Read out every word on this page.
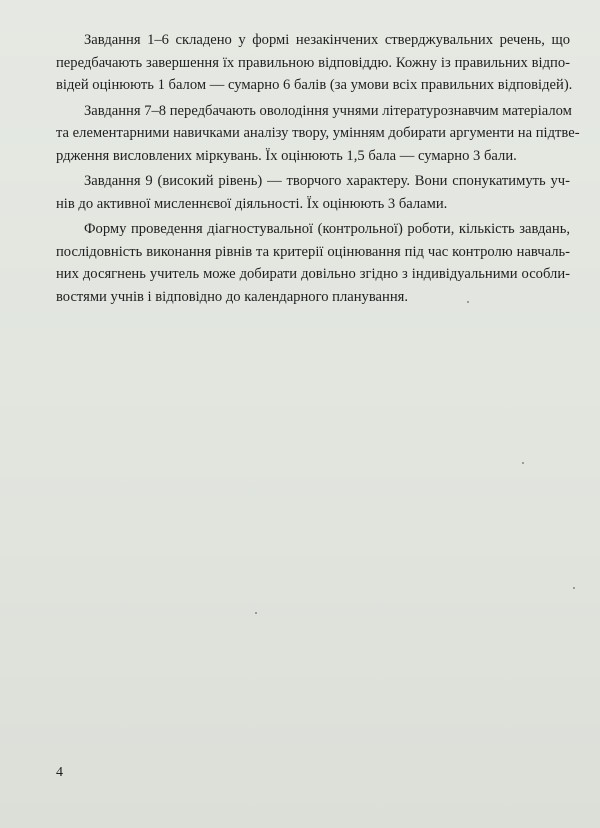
Завдання 1–6 складено у формі незакінчених стверджувальних речень, що
передбачають завершення їх правильною відповіддю. Кожну із правильних відпо-
відей оцінюють 1 балом — сумарно 6 балів (за умови всіх правильних відповідей).

Завдання 7–8 передбачають оволодіння учнями літературознавчим матеріалом
та елементарними навичками аналізу твору, умінням добирати аргументи на підтве-
рдження висловлених міркувань. Їх оцінюють 1,5 бала — сумарно 3 бали.

Завдання 9 (високий рівень) — творчого характеру. Вони спонукатимуть уч-
нів до активної мисленнєвої діяльності. Їх оцінюють 3 балами.

Форму проведення діагностувальної (контрольної) роботи, кількість завдань,
послідовність виконання рівнів та критерії оцінювання під час контролю навчаль-
них досягнень учитель може добирати довільно згідно з індивідуальними особли-
востями учнів і відповідно до календарного планування.

4
